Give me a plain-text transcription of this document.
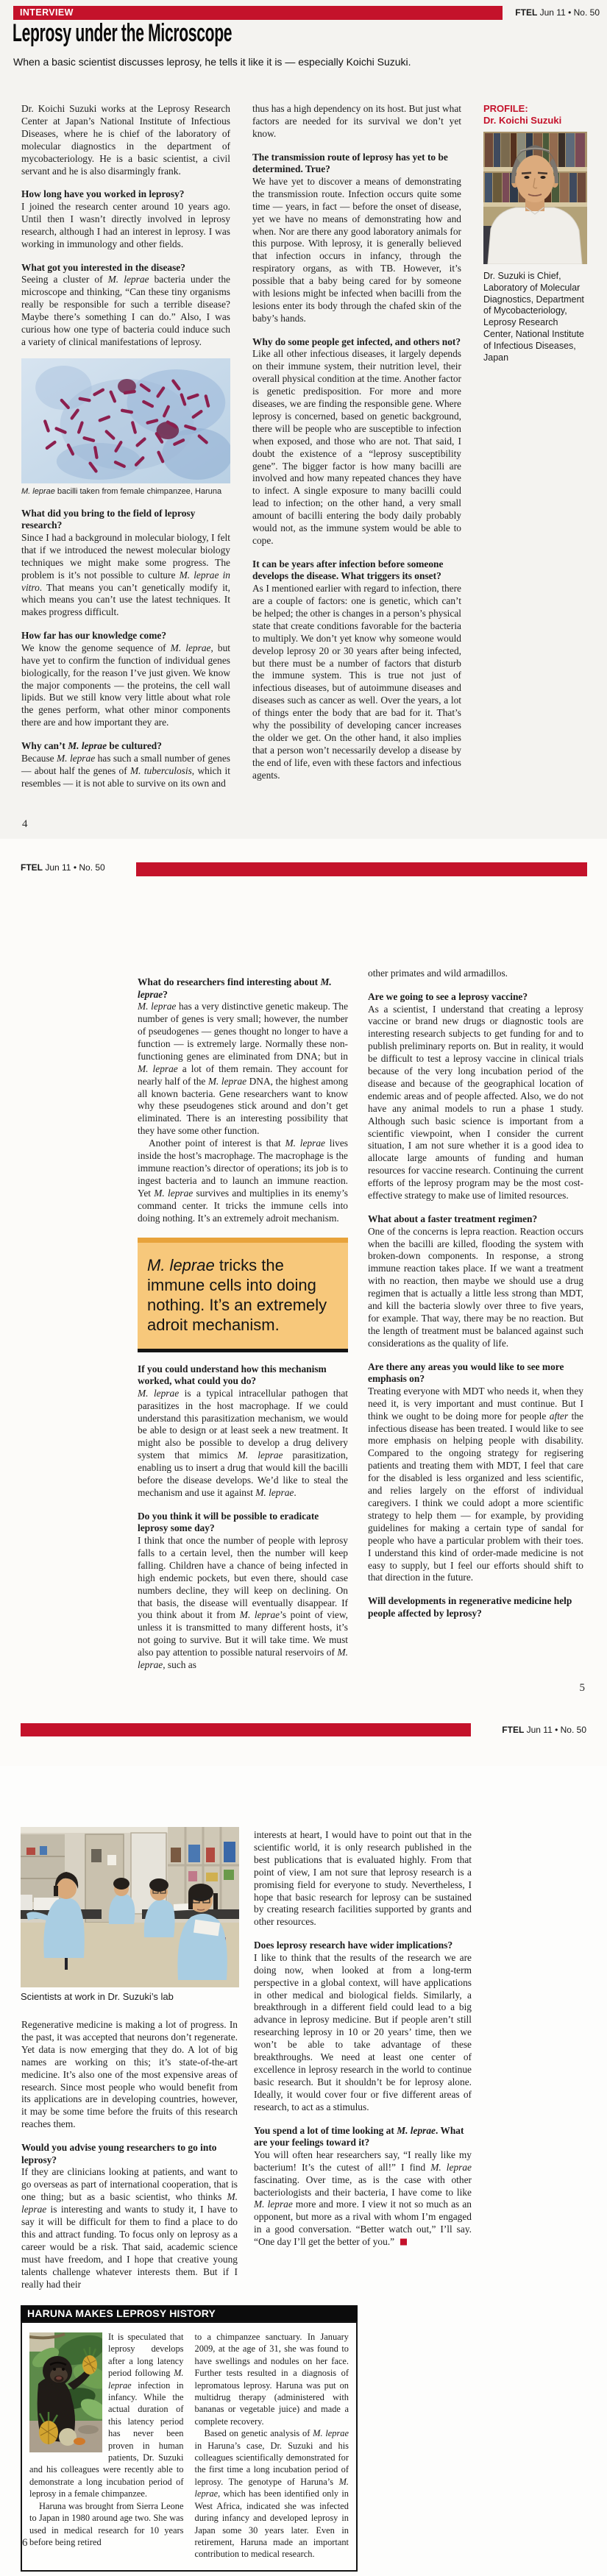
INTERVIEW	FTEL Jun 11 • No. 50
Leprosy under the Microscope

When a basic scientist discusses leprosy, he tells it like it is — especially Koichi Suzuki.

Dr. Koichi Suzuki works at the Leprosy Research Center at Japan’s National Institute of Infectious Diseases, where he is chief of the laboratory of molecular diagnostics in the department of mycobacteriology. He is a basic scientist, a civil servant and he is also disarmingly frank.

How long have you worked in leprosy?

I joined the research center around 10 years ago. Until then I wasn’t directly involved in leprosy research, although I had an interest in leprosy. I was working in immunology and other fields.

What got you interested in the disease?

Seeing a cluster of M. leprae bacteria under the microscope and thinking, “Can these tiny organisms really be responsible for such a terrible disease? Maybe there’s something I can do.” Also, I was curious how one type of bacteria could induce such a variety of clinical manifestations of leprosy.

M. leprae bacilli taken from female chimpanzee, Haruna
What did you bring to the field of leprosy research?

Since I had a background in molecular biology, I felt that if we introduced the newest molecular biology techniques we might make some progress. The problem is it’s not possible to culture M. leprae in vitro. That means you can’t genetically modify it, which means you can’t use the latest techniques. It makes progress difficult.

How far has our knowledge come?

We know the genome sequence of M. leprae, but have yet to confirm the function of individual genes biologically, for the reason I’ve just given. We know the major components — the proteins, the cell wall lipids. But we still know very little about what role the genes perform, what other minor components there are and how important they are.

Why can’t M. leprae be cultured?

Because M. leprae has such a small number of genes — about half the genes of M. tuberculosis, which it resembles — it is not able to survive on its own and

thus has a high dependency on its host. But just what factors are needed for its survival we don’t yet know.

The transmission route of leprosy has yet to be determined. True?

We have yet to discover a means of demonstrating the transmission route. Infection occurs quite some time — years, in fact — before the onset of disease, yet we have no means of demonstrating how and when. Nor are there any good laboratory animals for this purpose. With leprosy, it is generally believed that infection occurs in infancy, through the respiratory organs, as with TB. However, it’s possible that a baby being cared for by someone with lesions might be infected when bacilli from the lesions enter its body through the chafed skin of the baby’s hands.

Why do some people get infected, and others not?

Like all other infectious diseases, it largely depends on their immune system, their nutrition level, their overall physical condition at the time. Another factor is genetic predisposition. For more and more diseases, we are finding the responsible gene. Where leprosy is concerned, based on genetic background, there will be people who are susceptible to infection when exposed, and those who are not. That said, I doubt the existence of a “leprosy susceptibility gene”. The bigger factor is how many bacilli are involved and how many repeated chances they have to infect. A single exposure to many bacilli could lead to infection; on the other hand, a very small amount of bacilli entering the body daily probably would not, as the immune system would be able to cope.

It can be years after infection before someone develops the disease. What triggers its onset?

As I mentioned earlier with regard to infection, there are a couple of factors: one is genetic, which can’t be helped; the other is changes in a person’s physical state that create conditions favorable for the bacteria to multiply. We don’t yet know why someone would develop leprosy 20 or 30 years after being infected, but there must be a number of factors that disturb the immune system. This is true not just of infectious diseases, but of autoimmune diseases and diseases such as cancer as well. Over the years, a lot of things enter the body that are bad for it. That’s why the possibility of developing cancer increases the older we get. On the other hand, it also implies that a person won’t necessarily develop a disease by the end of life, even with these factors and infectious agents.

PROFILE:
Dr. Koichi Suzuki

Dr. Suzuki is Chief, Laboratory of Molecular Diagnostics, Department of Mycobacteriology, Leprosy Research Center, National Institute of Infectious Diseases, Japan

4
FTEL Jun 11 • No. 50
What do researchers find interesting about M. leprae?

M. leprae has a very distinctive genetic makeup. The number of genes is very small; however, the number of pseudogenes — genes thought no longer to have a function — is extremely large. Normally these non-functioning genes are eliminated from DNA; but in M. leprae a lot of them remain. They account for nearly half of the M. leprae DNA, the highest among all known bacteria. Gene researchers want to know why these pseudogenes stick around and don’t get eliminated. There is an interesting possibility that they have some other function.

Another point of interest is that M. leprae lives inside the host’s macrophage. The macrophage is the immune reaction’s director of operations; its job is to ingest bacteria and to launch an immune reaction. Yet M. leprae survives and multiplies in its enemy’s command center. It tricks the immune cells into doing nothing. It’s an extremely adroit mechanism.

M. leprae tricks the immune cells into doing nothing. It’s an extremely adroit mechanism.
If you could understand how this mechanism worked, what could you do?

M. leprae is a typical intracellular pathogen that parasitizes in the host macrophage. If we could understand this parasitization mechanism, we would be able to design or at least seek a new treatment. It might also be possible to develop a drug delivery system that mimics M. leprae parasitization, enabling us to insert a drug that would kill the bacilli before the disease develops. We’d like to steal the mechanism and use it against M. leprae.

Do you think it will be possible to eradicate leprosy some day?

I think that once the number of people with leprosy falls to a certain level, then the number will keep falling. Children have a chance of being infected in high endemic pockets, but even there, should case numbers decline, they will keep on declining. On that basis, the disease will eventually disappear. If you think about it from M. leprae’s point of view, unless it is transmitted to many different hosts, it’s not going to survive. But it will take time. We must also pay attention to possible natural reservoirs of M. leprae, such as

other primates and wild armadillos.

Are we going to see a leprosy vaccine?

As a scientist, I understand that creating a leprosy vaccine or brand new drugs or diagnostic tools are interesting research subjects to get funding for and to publish preliminary reports on. But in reality, it would be difficult to test a leprosy vaccine in clinical trials because of the very long incubation period of the disease and because of the geographical location of endemic areas and of people affected. Also, we do not have any animal models to run a phase 1 study. Although such basic science is important from a scientific viewpoint, when I consider the current situation, I am not sure whether it is a good idea to allocate large amounts of funding and human resources for vaccine research. Continuing the current efforts of the leprosy program may be the most cost-effective strategy to make use of limited resources.

What about a faster treatment regimen?

One of the concerns is lepra reaction. Reaction occurs when the bacilli are killed, flooding the system with broken-down components. In response, a strong immune reaction takes place. If we want a treatment with no reaction, then maybe we should use a drug regimen that is actually a little less strong than MDT, and kill the bacteria slowly over three to five years, for example. That way, there may be no reaction. But the length of treatment must be balanced against such considerations as the quality of life.

Are there any areas you would like to see more emphasis on?

Treating everyone with MDT who needs it, when they need it, is very important and must continue. But I think we ought to be doing more for people after the infectious disease has been treated. I would like to see more emphasis on helping people with disability. Compared to the ongoing strategy for regisering patients and treating them with MDT, I feel that care for the disabled is less organized and less scientific, and relies largely on the efforst of individual caregivers. I think we could adopt a more scientific strategy to help them — for example, by providing guidelines for making a certain type of sandal for people who have a particular problem with their toes. I understand this kind of order-made medicine is not easy to supply, but I feel our efforts should shift to that direction in the future.

Will developments in regenerative medicine help people affected by leprosy?
5
FTEL Jun 11 • No. 50
Scientists at work in Dr. Suzuki’s lab

Regenerative medicine is making a lot of progress. In the past, it was accepted that neurons don’t regenerate. Yet data is now emerging that they do. A lot of big names are working on this; it’s state-of-the-art medicine. It’s also one of the most expensive areas of research. Since most people who would benefit from its applications are in developing countries, however, it may be some time before the fruits of this research reaches them.

Would you advise young researchers to go into leprosy?

If they are clinicians looking at patients, and want to go overseas as part of international cooperation, that is one thing; but as a basic scientist, who thinks M. leprae is interesting and wants to study it, I have to say it will be difficult for them to find a place to do this and attract funding. To focus only on leprosy as a career would be a risk. That said, academic science must have freedom, and I hope that creative young talents challenge whatever interests them. But if I really had their

interests at heart, I would have to point out that in the scientific world, it is only research published in the best publications that is evaluated highly. From that point of view, I am not sure that leprosy research is a promising field for everyone to study. Nevertheless, I hope that basic research for leprosy can be sustained by creating research facilities supported by grants and other resources.

Does leprosy research have wider implications?

I like to think that the results of the research we are doing now, when looked at from a long-term perspective in a global context, will have applications in other medical and biological fields. Similarly, a breakthrough in a different field could lead to a big advance in leprosy medicine. But if people aren’t still researching leprosy in 10 or 20 years’ time, then we won’t be able to take advantage of these breakthroughs. We need at least one center of excellence in leprosy research in the world to continue basic research. But it shouldn’t be for leprosy alone. Ideally, it would cover four or five different areas of research, to act as a stimulus.

You spend a lot of time looking at M. leprae. What are your feelings toward it?

You will often hear researchers say, “I really like my bacterium! It’s the cutest of all!” I find M. leprae fascinating. Over time, as is the case with other bacteriologists and their bacteria, I have come to like M. leprae more and more. I view it not so much as an opponent, but more as a rival with whom I’m engaged in a good conversation. “Better watch out,” I’ll say. “One day I’ll get the better of you.”

HARUNA MAKES LEPROSY HISTORY

It is speculated that leprosy develops after a long latency period following M. leprae infection in infancy. While the actual duration of this latency period has never been proven in human patients, Dr. Suzuki and his colleagues were recently able to demonstrate a long incubation period of leprosy in a female chimpanzee.

Haruna was brought from Sierra Leone to Japan in 1980 around age two. She was used in medical research for 10 years before being retired

to a chimpanzee sanctuary. In January 2009, at the age of 31, she was found to have swellings and nodules on her face. Further tests resulted in a diagnosis of lepromatous leprosy. Haruna was put on multidrug therapy (administered with bananas or vegetable juice) and made a complete recovery.

Based on genetic analysis of M. leprae in Haruna’s case, Dr. Suzuki and his colleagues scientifically demonstrated for the first time a long incubation period of leprosy. The genotype of Haruna’s M. leprae, which has been identified only in West Africa, indicated she was infected during infancy and developed leprosy in Japan some 30 years later. Even in retirement, Haruna made an important contribution to medical research.

6
